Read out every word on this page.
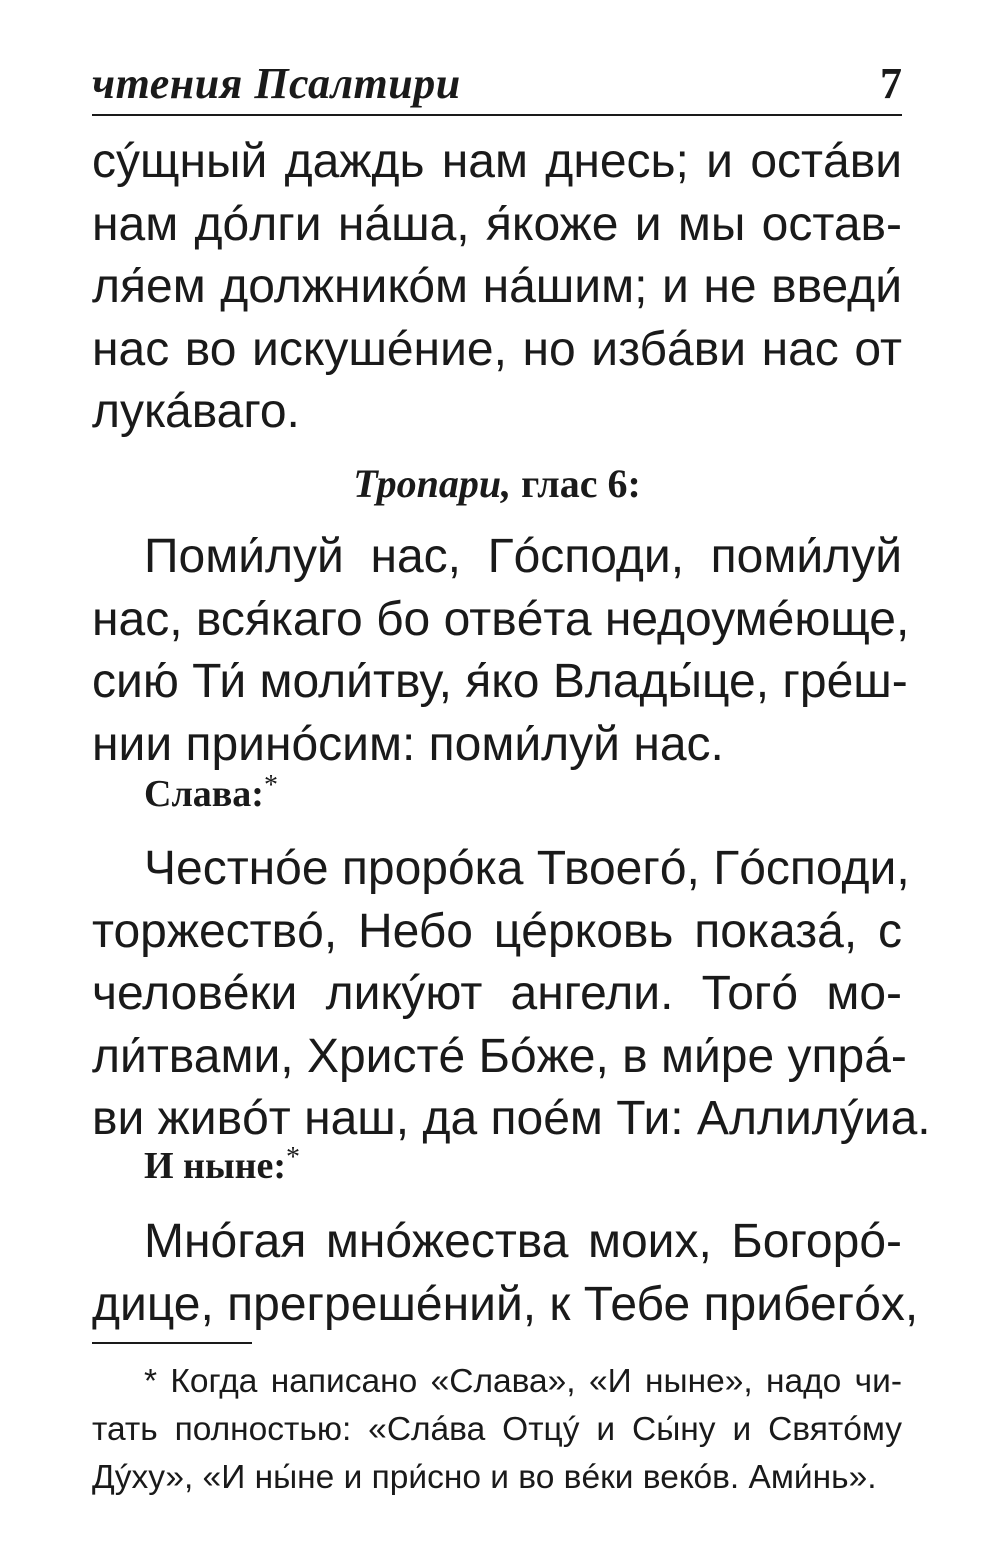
чтения Псалтири	7
сýщный даждь нам днесь; и остáви
нам дóлги нáша, я́коже и мы остав-
ля́ем должникóм нáшим; и не введи́
нас во искушéние, но избáви нас от
лукáваго.
Тропари, глас 6:
Поми́луй нас, Гóсподи, поми́луй
нас, вся́каго бо отвéта недоумéюще,
сию́ Ти́ моли́тву, я́ко Влады́це, грéш-
нии принóсим: поми́луй нас.
Слава:*
Честнóе прорóка Твоегó, Гóсподи,
торжествó, Небо цéрковь показá, с
человéки ликýют ангели. Тогó мо-
ли́твами, Христé Бóже, в ми́ре упрá-
ви живóт наш, да поéм Ти: Аллилýиа.
И ныне:*
Мнóгая мнóжества моих, Богорó-
дице, прегрешéний, к Тебе прибегóх,
* Когда написано «Слава», «И ныне», надо чи-
тать полностью: «Слáва Отцý и Сы́ну и Святóму
Дýху», «И ны́не и при́сно и во вéки векóв. Ами́нь».
